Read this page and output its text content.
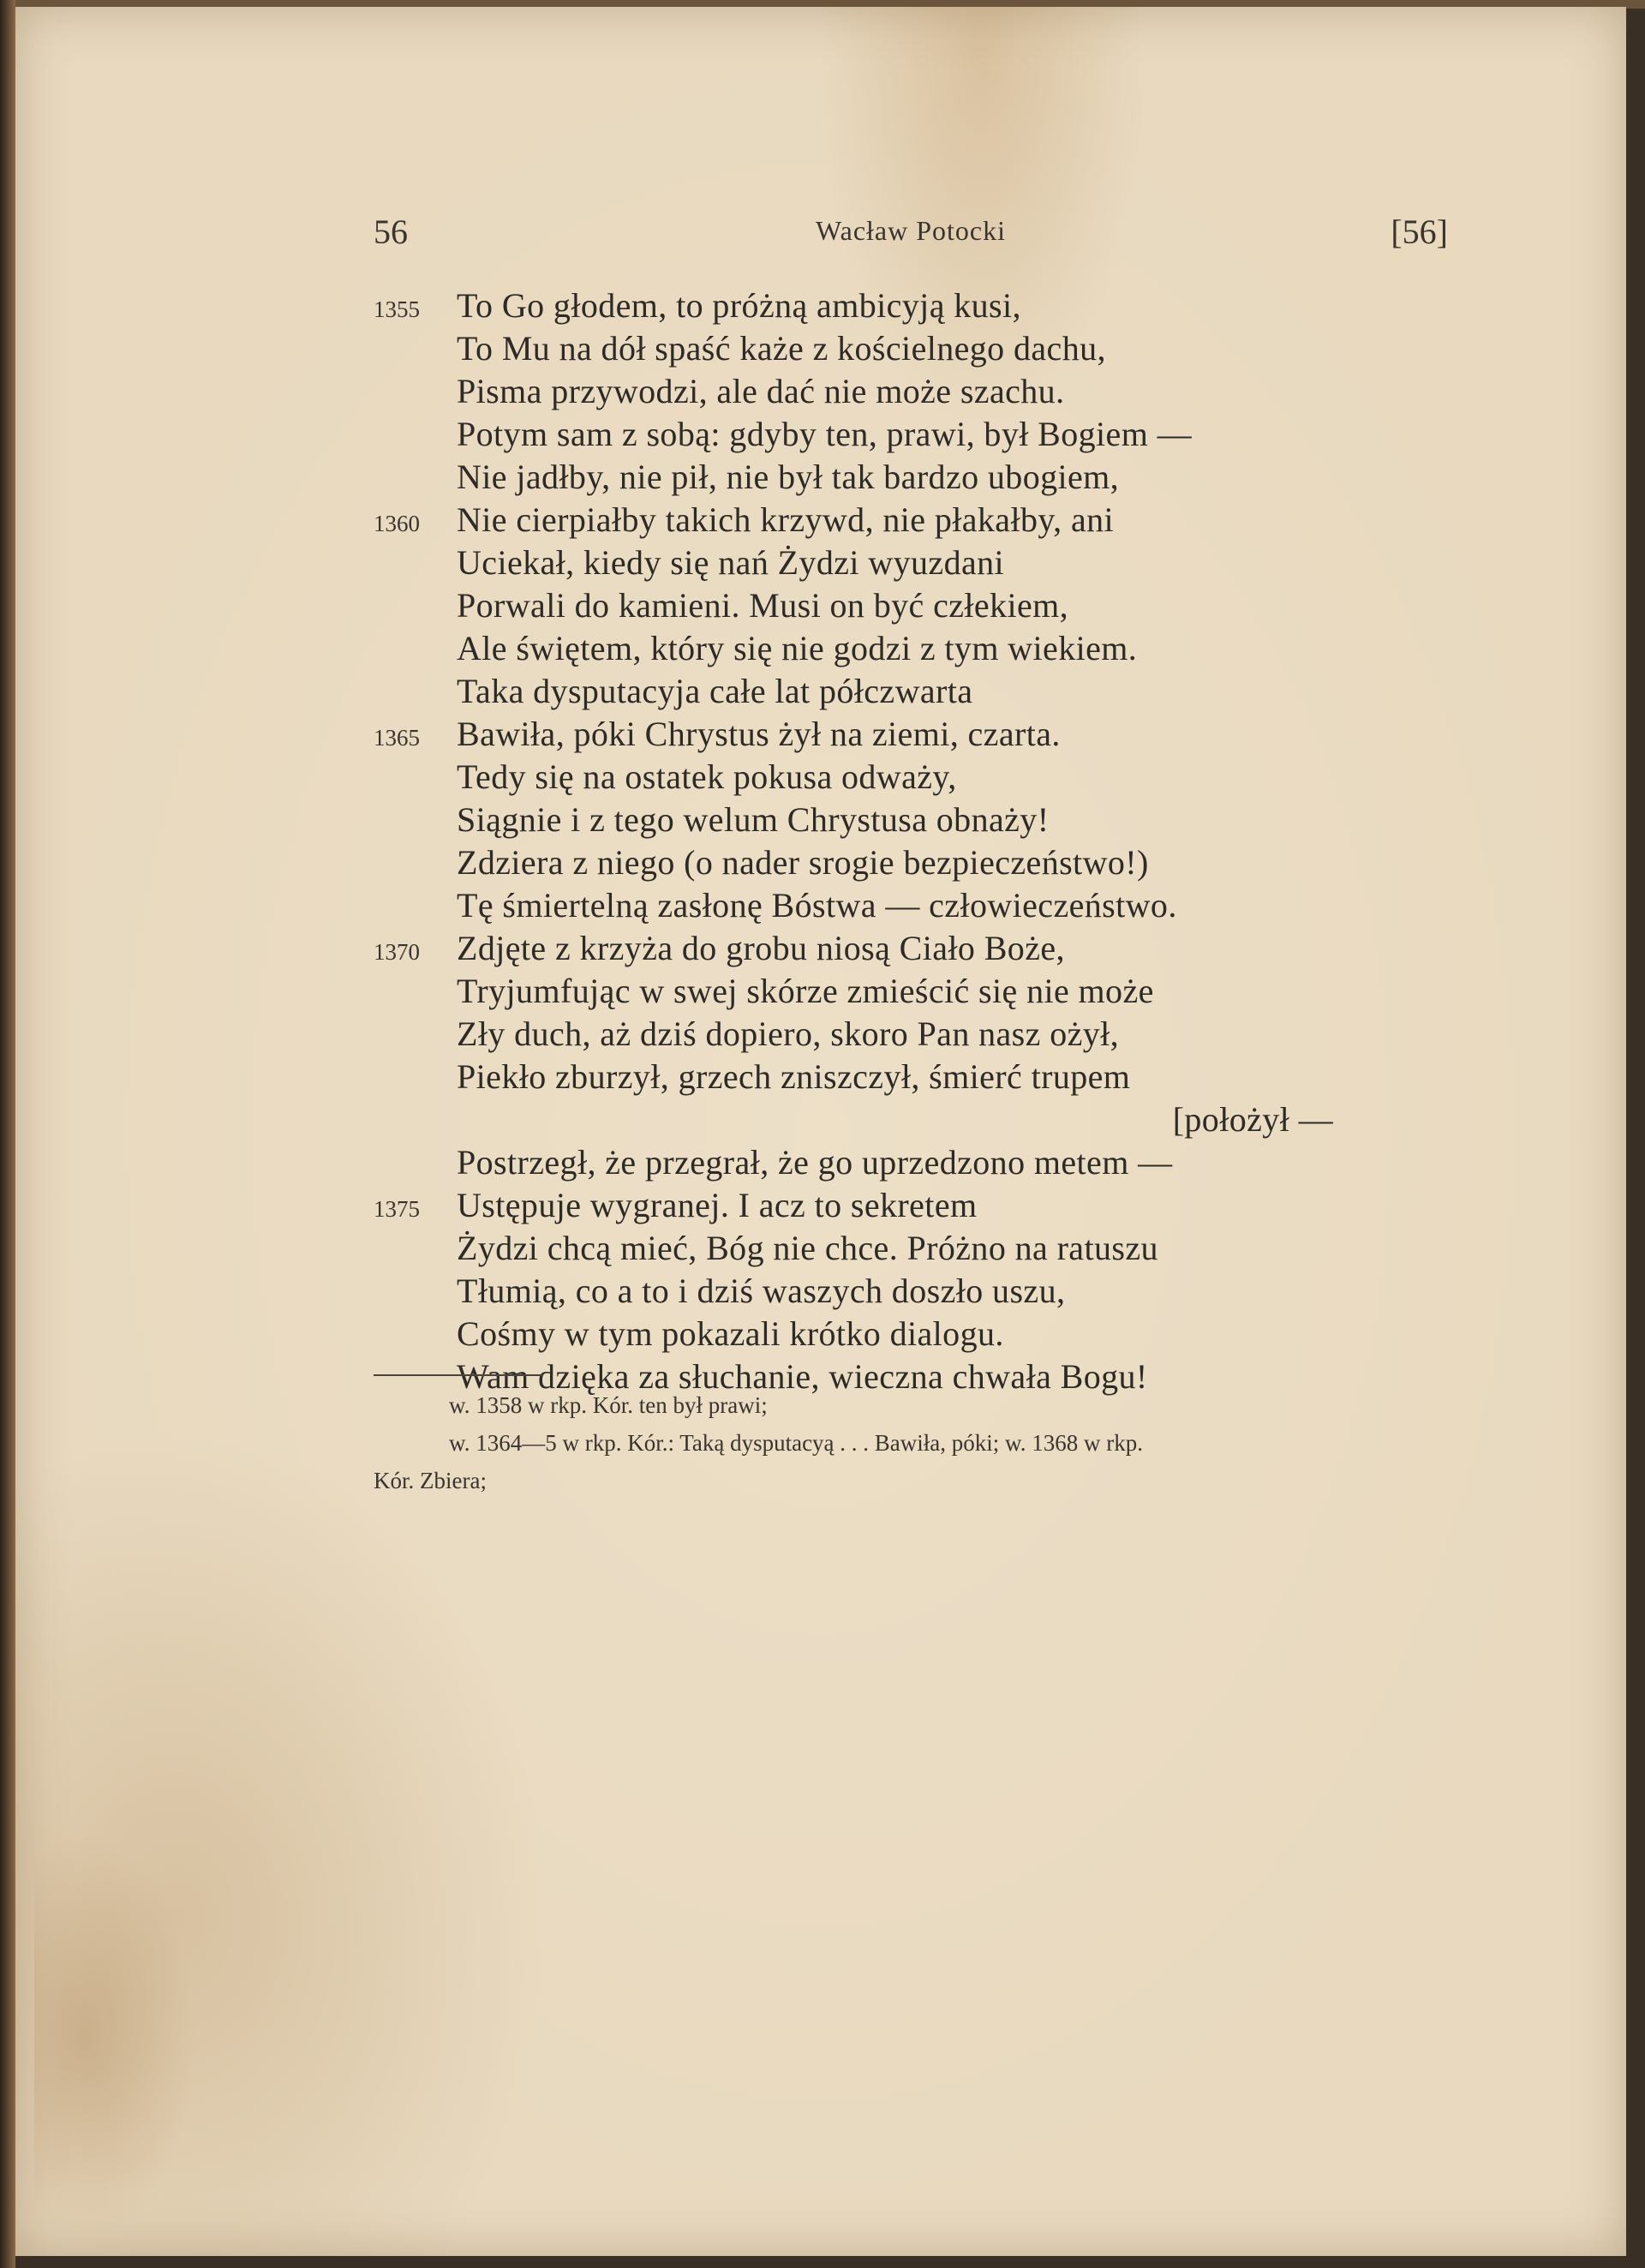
56	Wacław Potocki	[56]
1355 To Go głodem, to próżną ambicyją kusi,
To Mu na dół spaść każe z kościelnego dachu,
Pisma przywodzi, ale dać nie może szachu.
Potym sam z sobą: gdyby ten, prawi, był Bogiem —
Nie jadłby, nie pił, nie był tak bardzo ubogiem,
1360 Nie cierpiałby takich krzywd, nie płakałby, ani
Uciekał, kiedy się nań Żydzi wyuzdani
Porwali do kamieni. Musi on być człekiem,
Ale świętem, który się nie godzi z tym wiekiem.
Taka dysputacyja całe lat półczwarta
1365 Bawiła, póki Chrystus żył na ziemi, czarta.
Tedy się na ostatek pokusa odważy,
Siągnie i z tego welum Chrystusa obnaży!
Zdziera z niego (o nader srogie bezpieczeństwo!)
Tę śmiertelną zasłonę Bóstwa — człowieczeństwo.
1370 Zdjęte z krzyża do grobu niosą Ciało Boże,
Tryjumfując w swej skórze zmieścić się nie może
Zły duch, aż dziś dopiero, skoro Pan nasz ożył,
Piekło zburzył, grzech zniszczył, śmierć trupem
[położył —
Postrzegł, że przegrał, że go uprzedzono metem —
1375 Ustępuje wygranej. I acz to sekretem
Żydzi chcą mieć, Bóg nie chce. Próżno na ratuszu
Tłumią, co a to i dziś waszych doszło uszu,
Cośmy w tym pokazali krótko dialogu.
Wam dzięka za słuchanie, wieczna chwała Bogu!
w. 1358 w rkp. Kór. ten był prawi;
w. 1364—5 w rkp. Kór.: Taką dysputacyą . . . Bawiła, póki; w. 1368 w rkp.
Kór. Zbiera;
